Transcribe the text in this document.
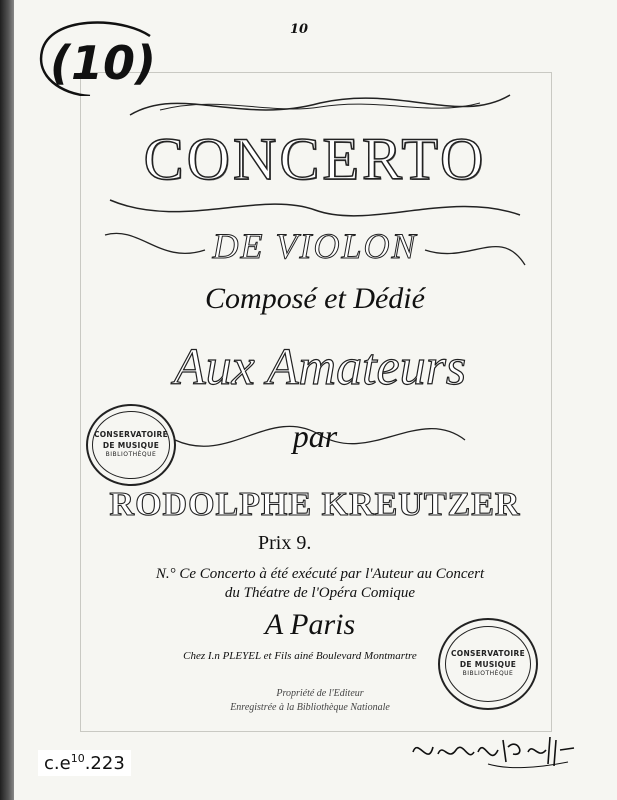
(10)
10
CONCERTO
DE VIOLON
Composé et Dédié
Aux Amateurs
par
RODOLPHE KREUTZER
Prix 9.
N.° Ce Concerto à été exécuté par l'Auteur au Concert
du Théatre de l'Opéra Comique
A Paris
Chez I.n PLEYEL et Fils ainé Boulevard Montmartre
Propriété de l'Editeur
Enregistrée à la Bibliothèque Nationale
CONSERVATOIRE
DE MUSIQUE
BIBLIOTHÈQUE
CONSERVATOIRE
DE MUSIQUE
BIBLIOTHÈQUE
$c.e^{10}.223$
